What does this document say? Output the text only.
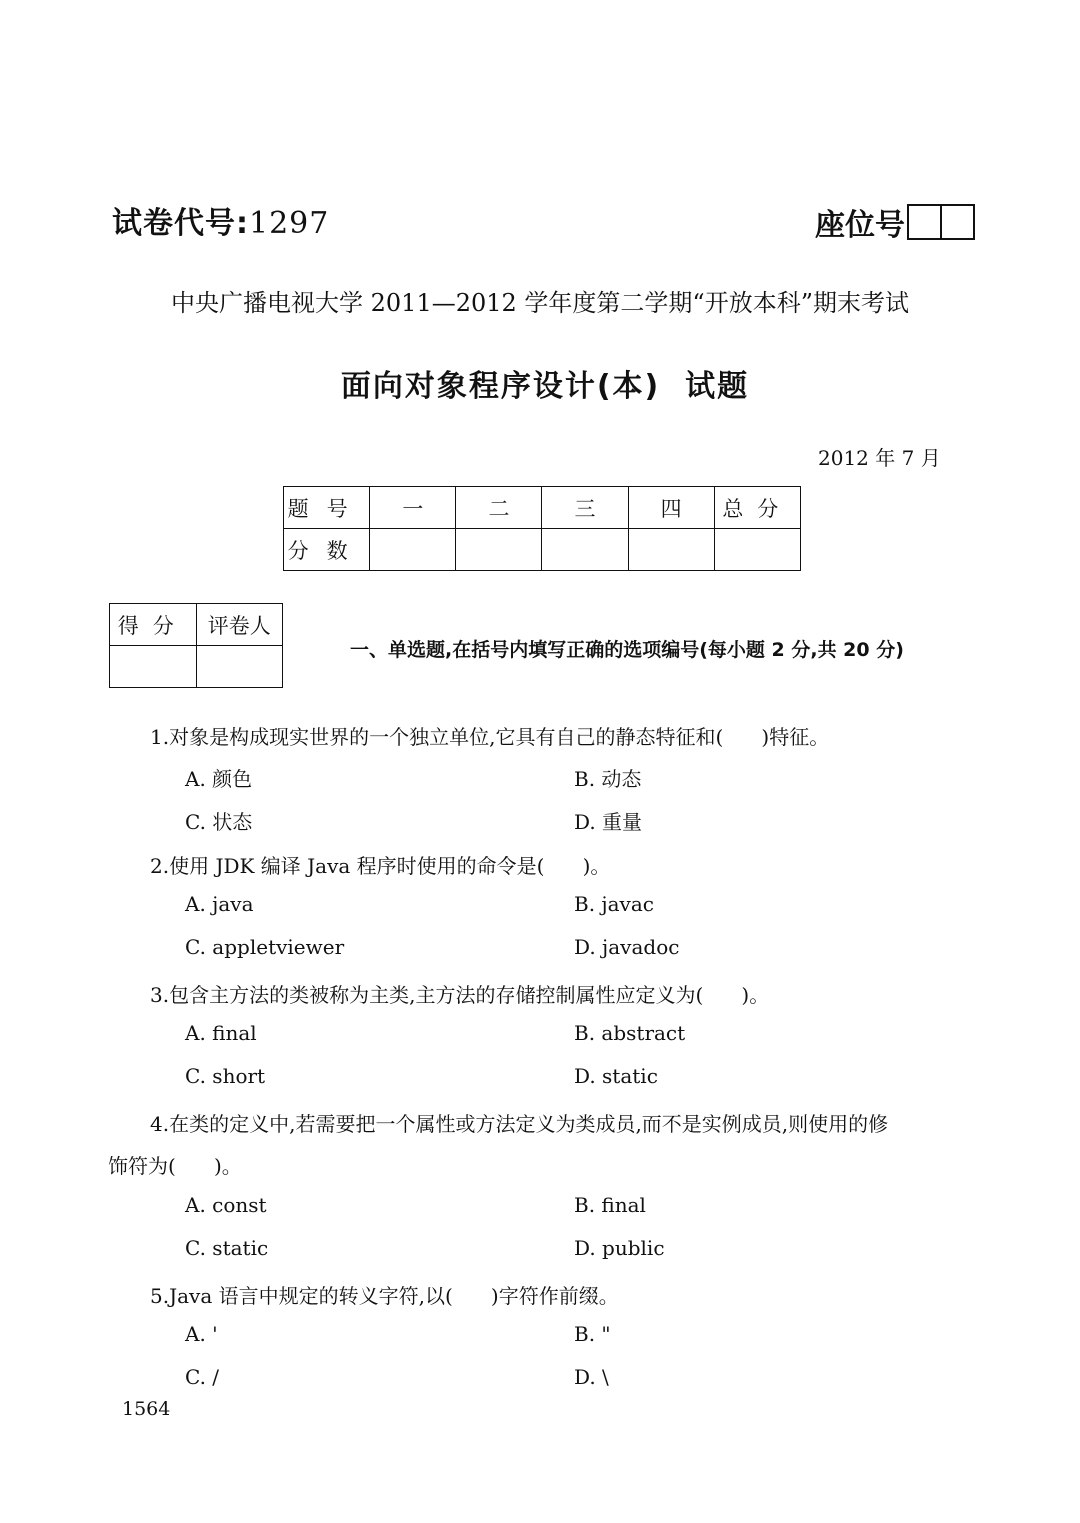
试卷代号:1297	座位号
中央广播电视大学 2011—2012 学年度第二学期“开放本科”期末考试
面向对象程序设计(本)  试题
2012 年 7 月
题号	一	二	三	四	总分
分数					
得分	评卷人

一、单选题,在括号内填写正确的选项编号(每小题 2 分,共 20 分)
1.对象是构成现实世界的一个独立单位,它具有自己的静态特征和(      )特征。
A. 颜色	B. 动态
C. 状态	D. 重量
2.使用 JDK 编译 Java 程序时使用的命令是(      )。
A. java	B. javac
C. appletviewer	D. javadoc
3.包含主方法的类被称为主类,主方法的存储控制属性应定义为(      )。
A. final	B. abstract
C. short	D. static
4.在类的定义中,若需要把一个属性或方法定义为类成员,而不是实例成员,则使用的修
饰符为(      )。
A. const	B. final
C. static	D. public
5.Java 语言中规定的转义字符,以(      )字符作前缀。
A. '	B. "
C. /	D. \
1564
